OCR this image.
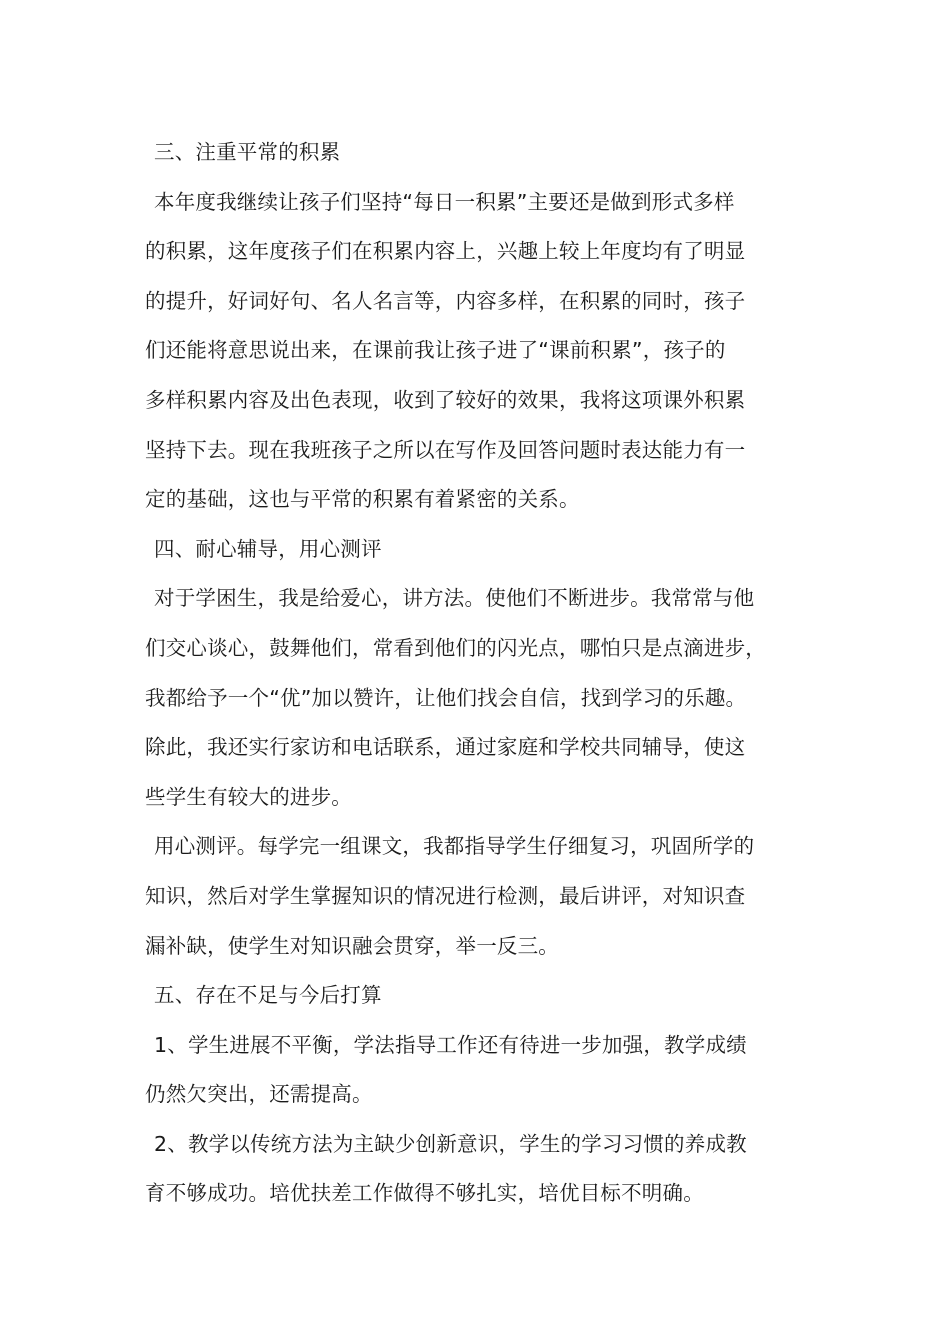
三、注重平常的积累
本年度我继续让孩子们坚持“每日一积累”主要还是做到形式多样
的积累，这年度孩子们在积累内容上，兴趣上较上年度均有了明显
的提升，好词好句、名人名言等，内容多样，在积累的同时，孩子
们还能将意思说出来，在课前我让孩子进了“课前积累”，孩子的
多样积累内容及出色表现，收到了较好的效果，我将这项课外积累
坚持下去。现在我班孩子之所以在写作及回答问题时表达能力有一
定的基础，这也与平常的积累有着紧密的关系。
四、耐心辅导，用心测评
对于学困生，我是给爱心，讲方法。使他们不断进步。我常常与他
们交心谈心，鼓舞他们，常看到他们的闪光点，哪怕只是点滴进步，
我都给予一个“优”加以赞许，让他们找会自信，找到学习的乐趣。
除此，我还实行家访和电话联系，通过家庭和学校共同辅导，使这
些学生有较大的进步。
用心测评。每学完一组课文，我都指导学生仔细复习，巩固所学的
知识，然后对学生掌握知识的情况进行检测，最后讲评，对知识查
漏补缺，使学生对知识融会贯穿，举一反三。
五、存在不足与今后打算
1、学生进展不平衡，学法指导工作还有待进一步加强，教学成绩
仍然欠突出，还需提高。
2、教学以传统方法为主缺少创新意识，学生的学习习惯的养成教
育不够成功。培优扶差工作做得不够扎实，培优目标不明确。
